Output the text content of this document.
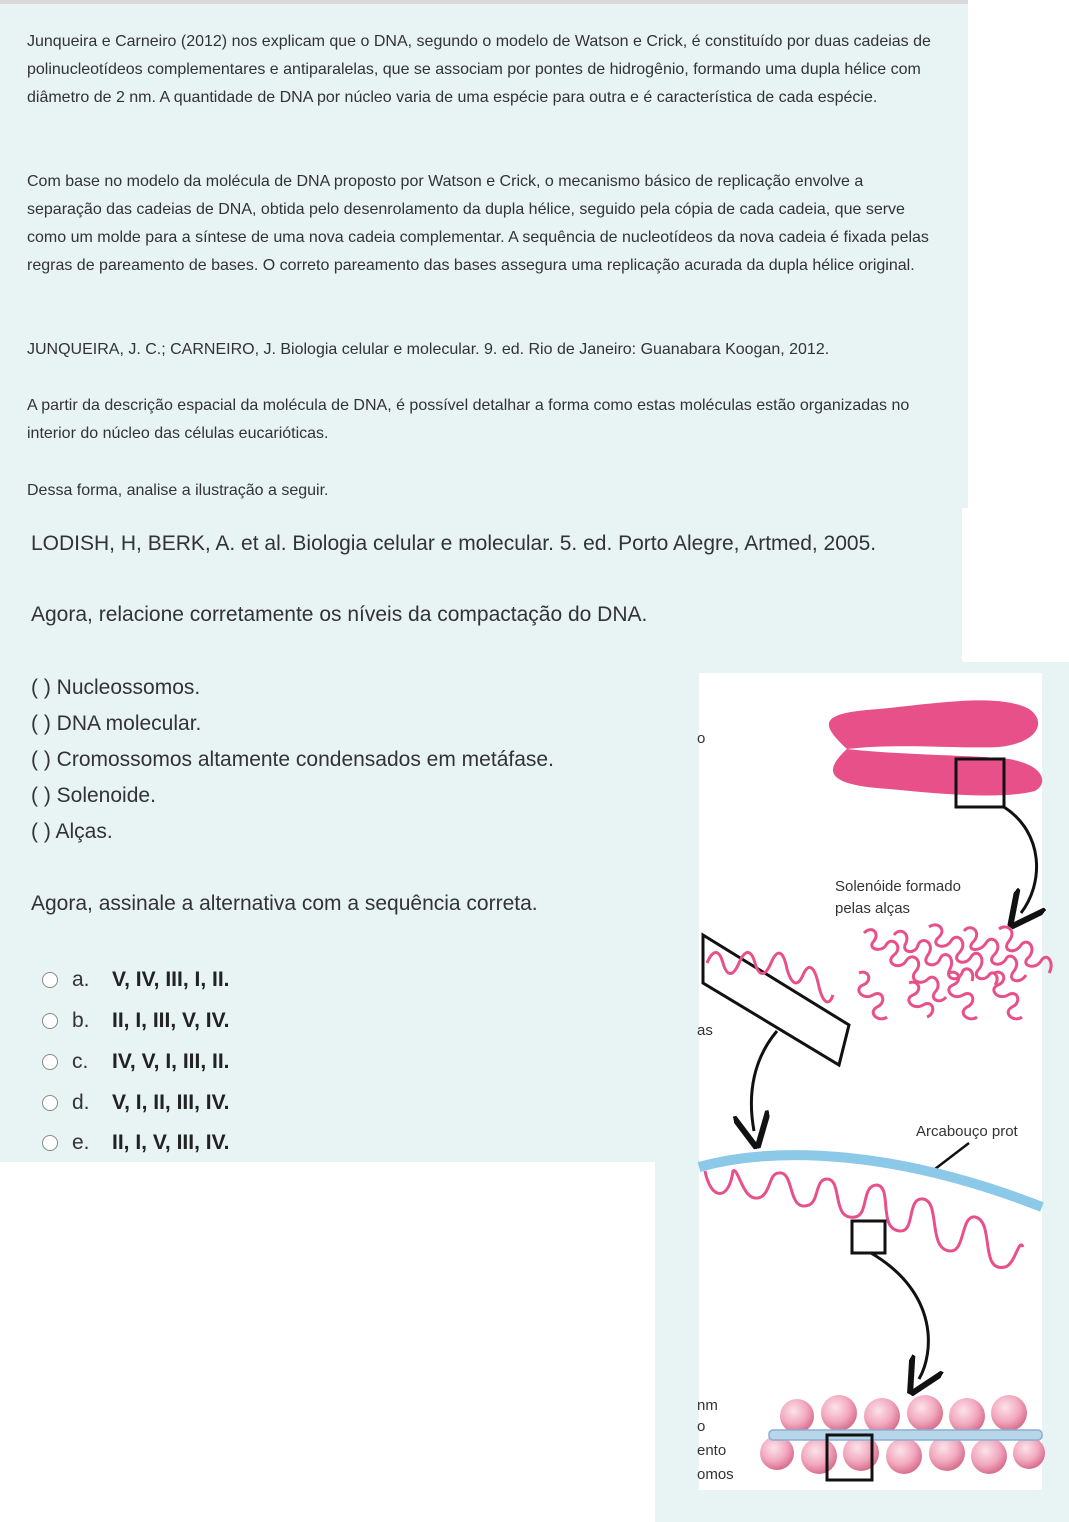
Junqueira e Carneiro (2012) nos explicam que o DNA, segundo o modelo de Watson e Crick, é constituído por duas cadeias de polinucleotídeos complementares e antiparalelas, que se associam por pontes de hidrogênio, formando uma dupla hélice com diâmetro de 2 nm. A quantidade de DNA por núcleo varia de uma espécie para outra e é característica de cada espécie.

Com base no modelo da molécula de DNA proposto por Watson e Crick, o mecanismo básico de replicação envolve a separação das cadeias de DNA, obtida pelo desenrolamento da dupla hélice, seguido pela cópia de cada cadeia, que serve como um molde para a síntese de uma nova cadeia complementar. A sequência de nucleotídeos da nova cadeia é fixada pelas regras de pareamento de bases. O correto pareamento das bases assegura uma replicação acurada da dupla hélice original.

JUNQUEIRA, J. C.; CARNEIRO, J. Biologia celular e molecular. 9. ed. Rio de Janeiro: Guanabara Koogan, 2012.

A partir da descrição espacial da molécula de DNA, é possível detalhar a forma como estas moléculas estão organizadas no interior do núcleo das células eucarióticas.

Dessa forma, analise a ilustração a seguir.

LODISH, H, BERK, A. et al. Biologia celular e molecular. 5. ed. Porto Alegre, Artmed, 2005.

Agora, relacione corretamente os níveis da compactação do DNA.

( ) Nucleossomos.
( ) DNA molecular.
( ) Cromossomos altamente condensados em metáfase.
( ) Solenoide.
( ) Alças.

Agora, assinale a alternativa com a sequência correta.

a.	V, IV, III, I, II.
b.	II, I, III, V, IV.
c.	IV, V, I, III, II.
d.	V, I, II, III, IV.
e.	II, I, V, III, IV.
o
Solenóide formado
pelas alças
as
Arcabouço prot
nm
o
ento
omos
